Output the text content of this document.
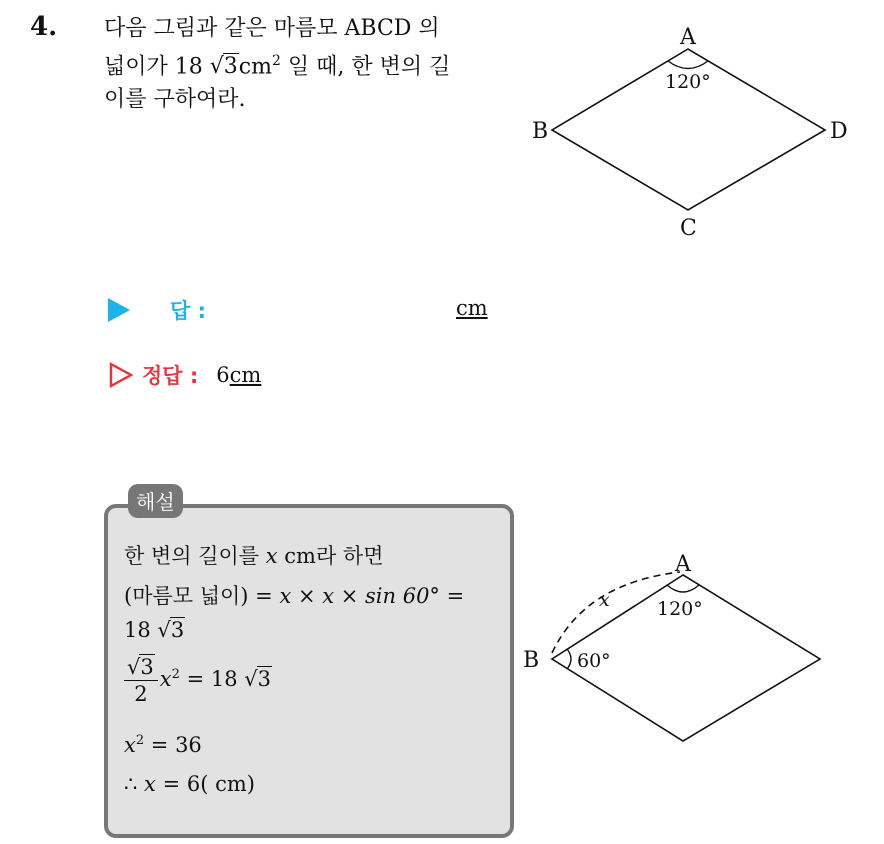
4. 다음 그림과 같은 마름모 ABCD 의
넓이가 18 $√3cm^2$ 일 때, 한 변의 길
이를 구하여라.
A
B
C
D
120°
답 :	cm
정답 : 6cm
해설
한 변의 길이를 x cm라 하면
(마름모 넓이) = x × x × sin 60° =
18 √3
$\frac{√3}{2} x^2 = 18$ √3
$x^2 = 36$
∴ x = 6( cm)
A
B
x 120°
60°
